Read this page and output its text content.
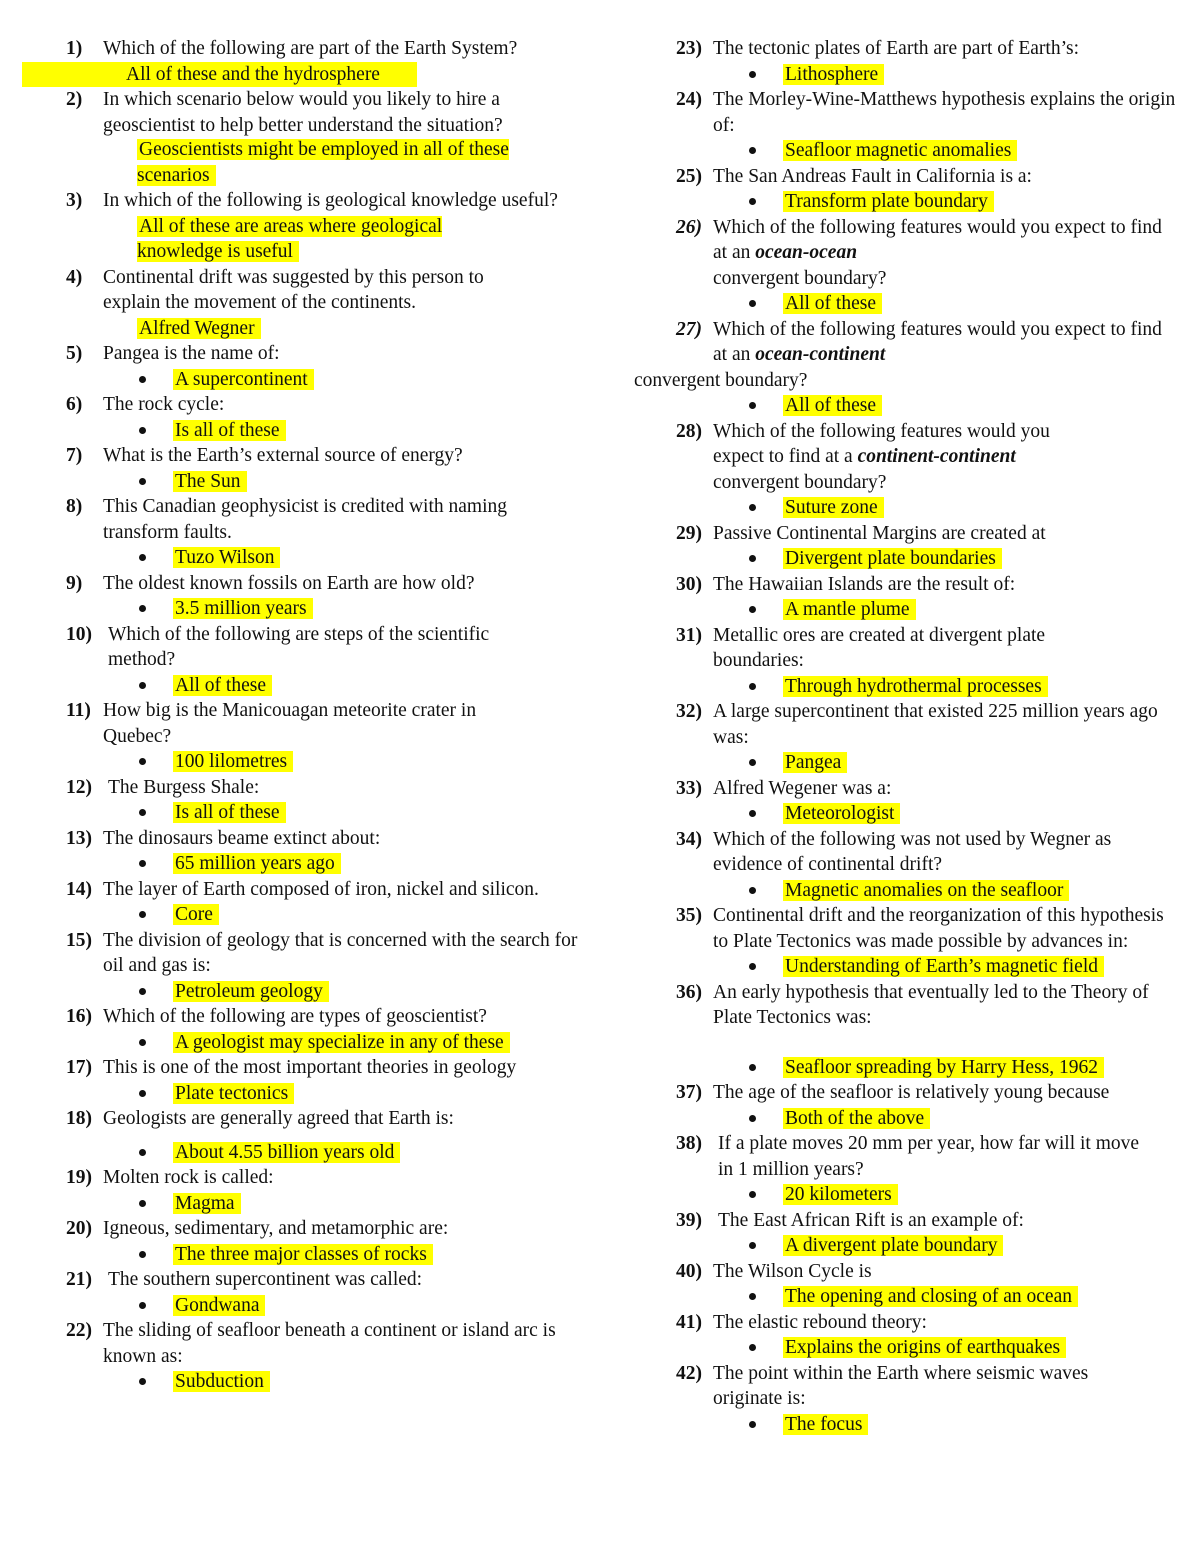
1) Which of the following are part of the Earth System?

All of these and the hydrosphere

2) In which scenario below would you likely to hire a geoscientist to help better understand the situation?

Geoscientists might be employed in all of these scenarios

3) In which of the following is geological knowledge useful?

All of these are areas where geological knowledge is useful

4) Continental drift was suggested by this person to explain the movement of the continents.

Alfred Wegner

5) Pangea is the name of:

A supercontinent

6) The rock cycle:

Is all of these

7) What is the Earth’s external source of energy?

The Sun

8) This Canadian geophysicist is credited with naming transform faults.

Tuzo Wilson

9) The oldest known fossils on Earth are how old?

3.5 million years

10) Which of the following are steps of the scientific method?

All of these

11) How big is the Manicouagan meteorite crater in Quebec?

100 lilometres

12) The Burgess Shale:

Is all of these

13) The dinosaurs beame extinct about:

65 million years ago

14) The layer of Earth composed of iron, nickel and silicon.

Core

15) The division of geology that is concerned with the search for oil and gas is:

Petroleum geology

16) Which of the following are types of geoscientist?

A geologist may specialize in any of these

17) This is one of the most important theories in geology

Plate tectonics

18) Geologists are generally agreed that Earth is:

About 4.55 billion years old

19) Molten rock is called:

Magma

20) Igneous, sedimentary, and metamorphic are:

The three major classes of rocks

21) The southern supercontinent was called:

Gondwana

22) The sliding of seafloor beneath a continent or island arc is known as:

Subduction

23) The tectonic plates of Earth are part of Earth’s:

Lithosphere

24) The Morley-Wine-Matthews hypothesis explains the origin of:

Seafloor magnetic anomalies

25) The San Andreas Fault in California is a:

Transform plate boundary

26) Which of the following features would you expect to find at an ocean-ocean
convergent boundary?

All of these

27) Which of the following features would you expect to find at an ocean-continent
convergent boundary?

All of these

28) Which of the following features would you expect to find at a continent-continent convergent boundary?

Suture zone

29) Passive Continental Margins are created at

Divergent plate boundaries

30) The Hawaiian Islands are the result of:

A mantle plume

31) Metallic ores are created at divergent plate boundaries:

Through hydrothermal processes

32) A large supercontinent that existed 225 million years ago was:

Pangea

33) Alfred Wegener was a:

Meteorologist

34) Which of the following was not used by Wegner as evidence of continental drift?

Magnetic anomalies on the seafloor

35) Continental drift and the reorganization of this hypothesis to Plate Tectonics was made possible by advances in:

Understanding of Earth’s magnetic field

36) An early hypothesis that eventually led to the Theory of Plate Tectonics was:

Seafloor spreading by Harry Hess, 1962

37) The age of the seafloor is relatively young because

Both of the above

38) If a plate moves 20 mm per year, how far will it move in 1 million years?

20 kilometers

39) The East African Rift is an example of:

A divergent plate boundary

40) The Wilson Cycle is

The opening and closing of an ocean

41) The elastic rebound theory:

Explains the origins of earthquakes

42) The point within the Earth where seismic waves originate is:

The focus
